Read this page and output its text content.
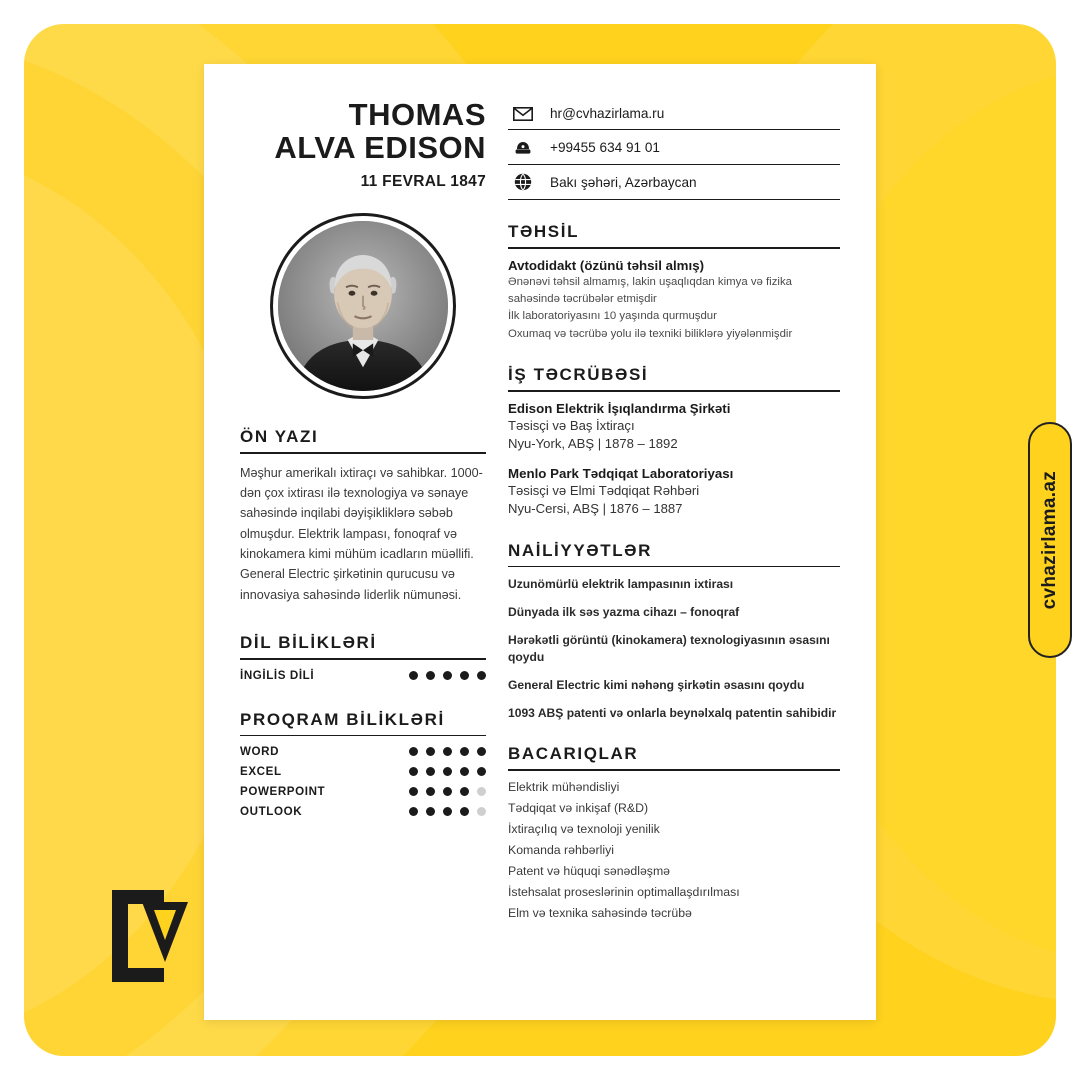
cvhazirlama.az
THOMAS
ALVA EDISON
11 FEVRAL 1847
ÖN YAZI

Məşhur amerikalı ixtiraçı və sahibkar. 1000-dən çox ixtirası ilə texnologiya və sənaye sahəsində inqilabi dəyişikliklərə səbəb olmuşdur. Elektrik lampası, fonoqraf və kinokamera kimi mühüm icadların müəllifi. General Electric şirkətinin qurucusu və innovasiya sahəsində liderlik nümunəsi.

DİL BİLİKLƏRİ
İNGİLİS DİLİ
PROQRAM BİLİKLƏRİ
WORD
EXCEL
POWERPOINT
OUTLOOK
hr@cvhazirlama.ru
+99455 634 91 01
Bakı şəhəri, Azərbaycan
TƏHSİL
Avtodidakt (özünü təhsil almış)
Ənənəvi təhsil almamış, lakin uşaqlıqdan kimya və fizika
sahəsində təcrübələr etmişdir
İlk laboratoriyasını 10 yaşında qurmuşdur
Oxumaq və təcrübə yolu ilə texniki biliklərə yiyələnmişdir
İŞ TƏCRÜBƏSİ
Edison Elektrik İşıqlandırma Şirkəti
Təsisçi və Baş İxtiraçı
Nyu-York, ABŞ | 1878 – 1892
Menlo Park Tədqiqat Laboratoriyası
Təsisçi və Elmi Tədqiqat Rəhbəri
Nyu-Cersi, ABŞ | 1876 – 1887
NAİLİYYƏTLƏR
Uzunömürlü elektrik lampasının ixtirası
Dünyada ilk səs yazma cihazı – fonoqraf
Hərəkətli görüntü (kinokamera) texnologiyasının əsasını qoydu
General Electric kimi nəhəng şirkətin əsasını qoydu
1093 ABŞ patenti və onlarla beynəlxalq patentin sahibidir
BACARIQLAR
Elektrik mühəndisliyi
Tədqiqat və inkişaf (R&D)
İxtiraçılıq və texnoloji yenilik
Komanda rəhbərliyi
Patent və hüquqi sənədləşmə
İstehsalat proseslərinin optimallaşdırılması
Elm və texnika sahəsində təcrübə
